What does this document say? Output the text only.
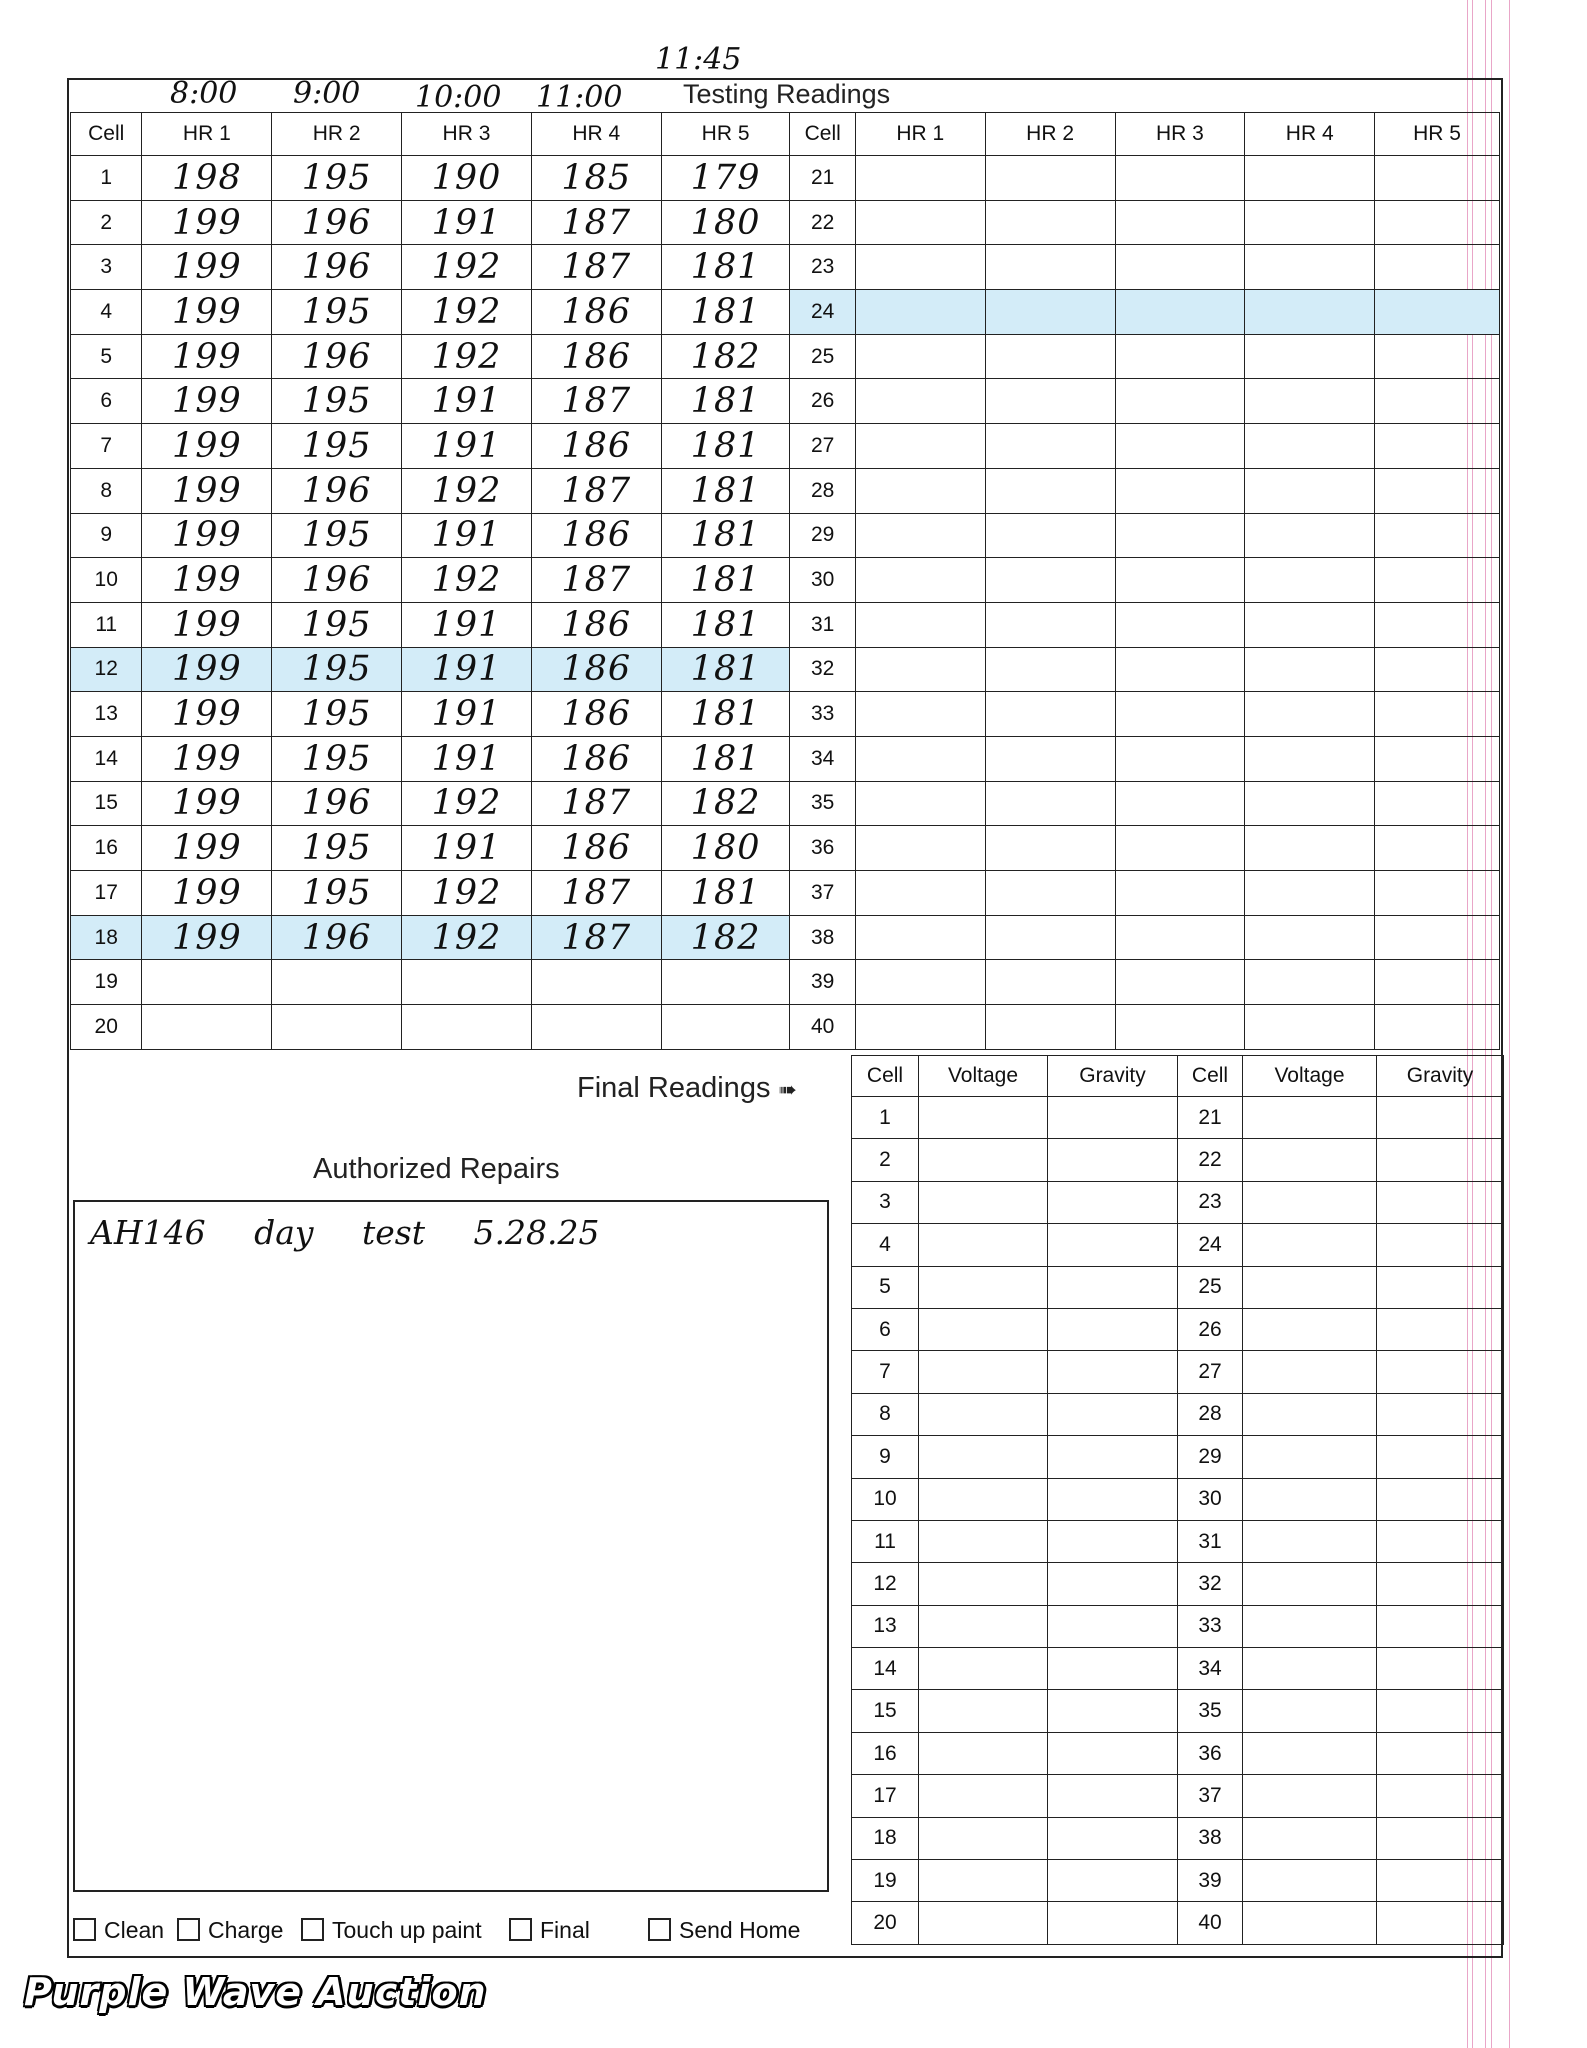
8:00 9:00 10:00 11:00
11:45
Testing Readings
Cell	HR 1	HR 2	HR 3	HR 4	HR 5	Cell	HR 1	HR 2	HR 3	HR 4	HR 5
1	198	195	190	185	179	21					
2	199	196	191	187	180	22					
3	199	196	192	187	181	23					
4	199	195	192	186	181	24					
5	199	196	192	186	182	25					
6	199	195	191	187	181	26					
7	199	195	191	186	181	27					
8	199	196	192	187	181	28					
9	199	195	191	186	181	29					
10	199	196	192	187	181	30					
11	199	195	191	186	181	31					
12	199	195	191	186	181	32					
13	199	195	191	186	181	33					
14	199	195	191	186	181	34					
15	199	196	192	187	182	35					
16	199	195	191	186	180	36					
17	199	195	192	187	181	37					
18	199	196	192	187	182	38					
19						39					
20						40					
Final Readings ➠
Cell	Voltage	Gravity	Cell	Voltage	Gravity
1			21		
2			22		
3			23		
4			24		
5			25		
6			26		
7			27		
8			28		
9			29		
10			30		
11			31		
12			32		
13			33		
14			34		
15			35		
16			36		
17			37		
18			38		
19			39		
20			40		
Authorized Repairs
AH146 day test 5.28.25
Clean	Charge	Touch up paint	Final	Send Home
Purple Wave Auction
